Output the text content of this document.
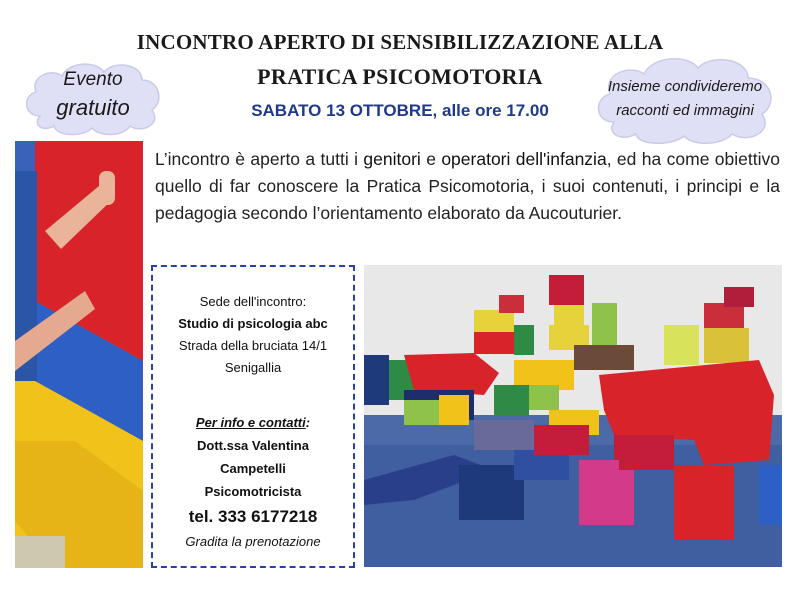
INCONTRO APERTO DI SENSIBILIZZAZIONE ALLA
PRATICA PSICOMOTORIA
SABATO 13 OTTOBRE, alle ore 17.00
Evento
gratuito
Insieme condivideremo
racconti ed immagini
L’incontro è aperto a tutti i genitori e operatori dell'infanzia, ed ha come obiettivo quello di far conoscere la Pratica Psicomotoria, i suoi contenuti, i principi e la pedagogia secondo l’orientamento elaborato da Aucouturier.
Sede dell'incontro:
Studio di psicologia abc
Strada della bruciata 14/1
Senigallia
Per info e contatti:
Dott.ssa Valentina
Campetelli
Psicomotricista
tel. 333 6177218
Gradita la prenotazione
